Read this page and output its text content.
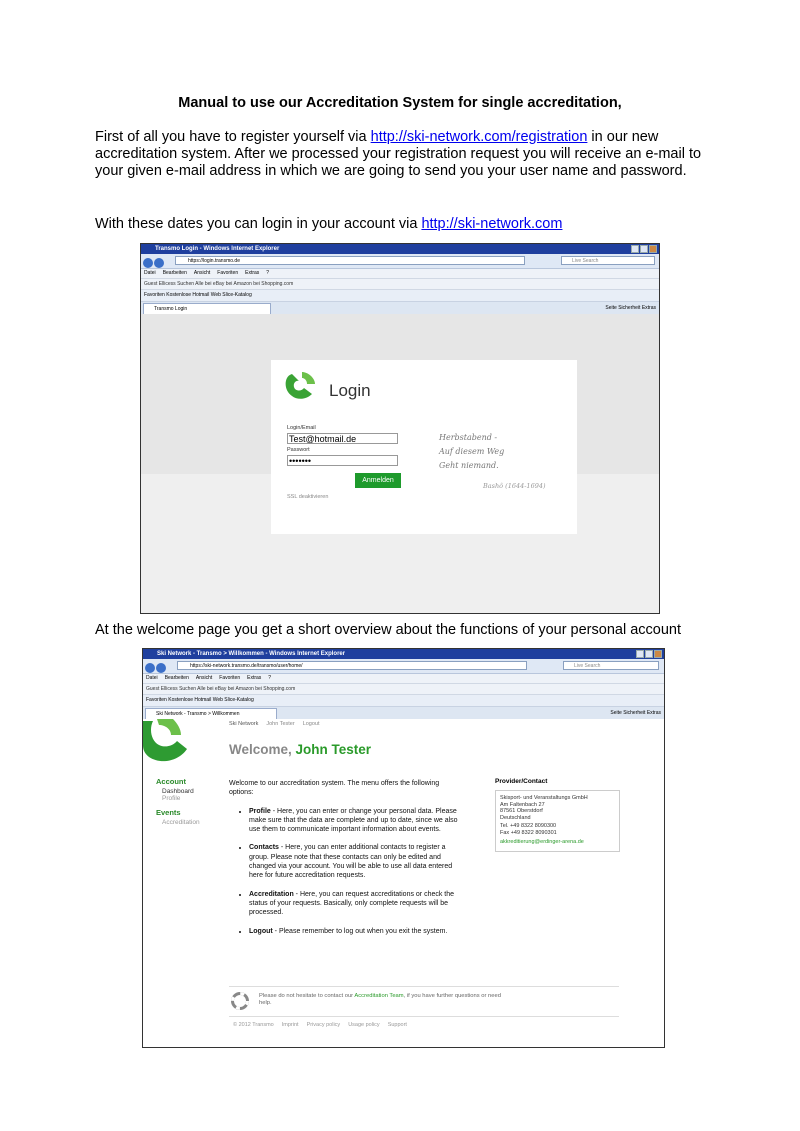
Manual to use our Accreditation System for single accreditation,
First of all you have to register yourself via http://ski-network.com/registration in our new accreditation system. After we processed your registration request you will receive an e-mail to your given e-mail address in which we are going to send you your user name and password.
With these dates you can login in your account via http://ski-network.com
Transmo Login - Windows Internet Explorer
https://login.transmo.de	Live Search
Datei Bearbeiten Ansicht Favoriten Extras ?
Guest Ellicess Suchen Alle bei eBay bei Amazon bei Shopping.com
Favoriten Kostenlose Hotmail Web Slice-Katalog
Transmo Login	Seite Sicherheit Extras
Login
Login/Email
Test@hotmail.de
Passwort
•••••••
Anmelden
SSL deaktivieren
Herbstabend -
Auf diesem Weg
Geht niemand.
Bashô (1644-1694)
At the welcome page you get a short overview about the functions of your personal account
Ski Network - Transmo > Willkommen - Windows Internet Explorer
https://ski-network.transmo.de/transmo/user/home/	Live Search
Datei Bearbeiten Ansicht Favoriten Extras ?
Guest Ellicess Suchen Alle bei eBay bei Amazon bei Shopping.com
Favoriten Kostenlose Hotmail Web Slice-Katalog
Ski Network - Transmo > Willkommen	Seite Sicherheit Extras
Ski Network John Tester Logout
Welcome, John Tester
Account
Dashboard
Profile
Events
Accreditation
Welcome to our accreditation system. The menu offers the following options:
• Profile - Here, you can enter or change your personal data. Please make sure that the data are complete and up to date, since we also use them to communicate important information about events.
• Contacts - Here, you can enter additional contacts to register a group. Please note that these contacts can only be edited and changed via your account. You will be able to use all data entered here for future accreditation requests.
• Accreditation - Here, you can request accreditations or check the status of your requests. Basically, only complete requests will be processed.
• Logout - Please remember to log out when you exit the system.
Provider/Contact
Skisport- und Veranstaltungs GmbH
Am Faltenbach 27
87561 Oberstdorf
Deutschland
Tel. +49 8322 8090300
Fax +49 8322 8090301
akkreditierung@erdinger-arena.de
Please do not hesitate to contact our Accreditation Team, if you have further questions or need help.
© 2012 Transmo Imprint Privacy policy Usage policy Support
